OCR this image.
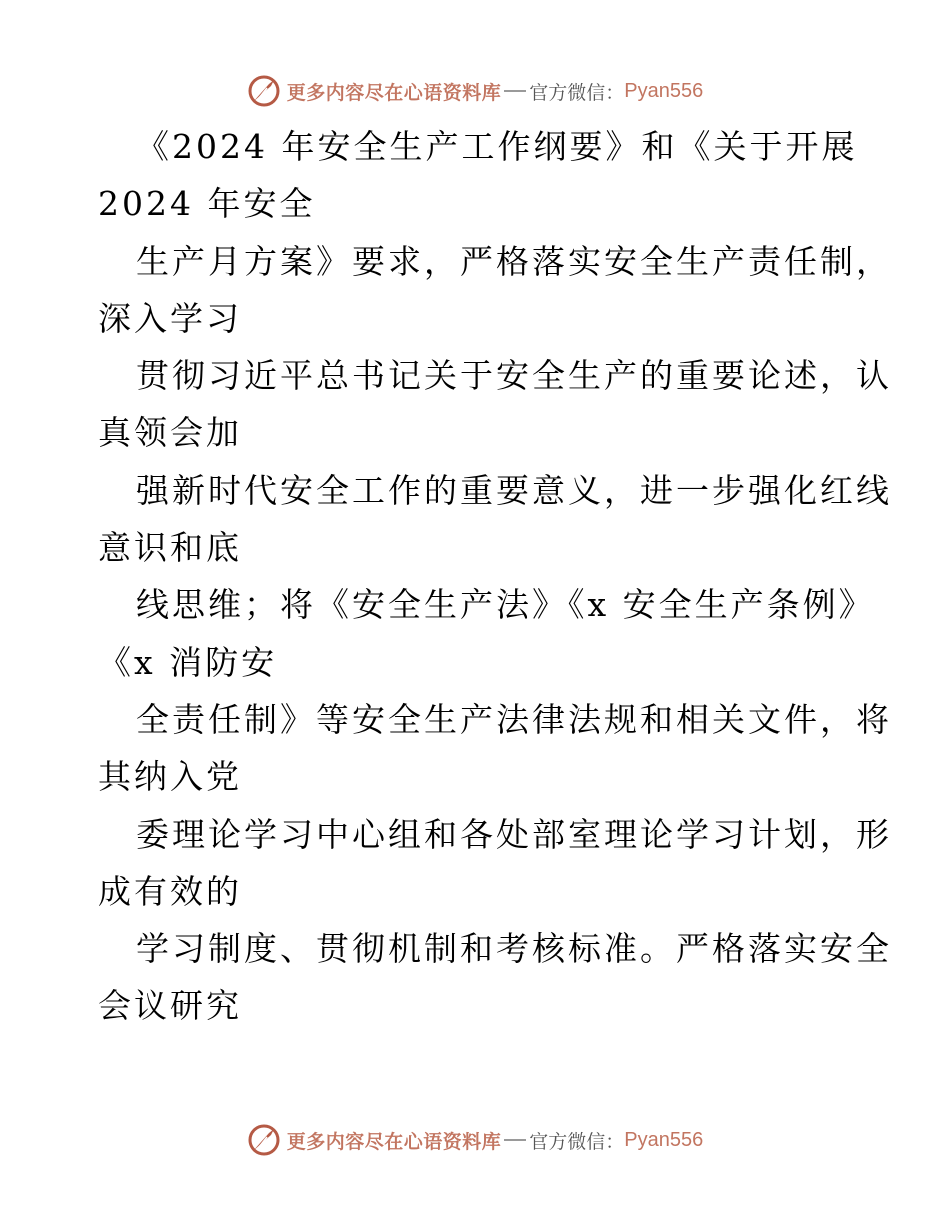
更多内容尽在心语资料库 官方微信： Pyan556
《2024 年安全生产工作纲要》和《关于开展
2024 年安全
生产月方案》要求，严格落实安全生产责任制，
深入学习
贯彻习近平总书记关于安全生产的重要论述，认
真领会加
强新时代安全工作的重要意义，进一步强化红线
意识和底
线思维；将《安全生产法》《x 安全生产条例》
《x 消防安
全责任制》等安全生产法律法规和相关文件，将
其纳入党
委理论学习中心组和各处部室理论学习计划，形
成有效的
学习制度、贯彻机制和考核标准。严格落实安全
会议研究
更多内容尽在心语资料库 官方微信： Pyan556
